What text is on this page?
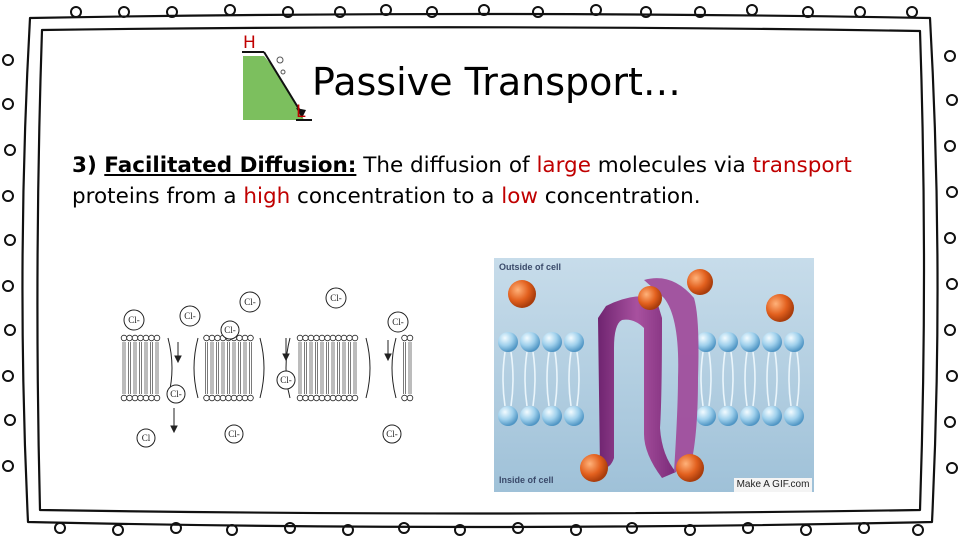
H
L
Passive Transport…
3) Facilitated Diffusion: The diffusion of large molecules via transport proteins from a high concentration to a low concentration.
Cl-	Cl-
Cl-
Cl-	Cl-
Cl-
Cl-
Cl-
Cl	Cl-	Cl-
Outside of cell
Inside of cell	Make A GIF.com
